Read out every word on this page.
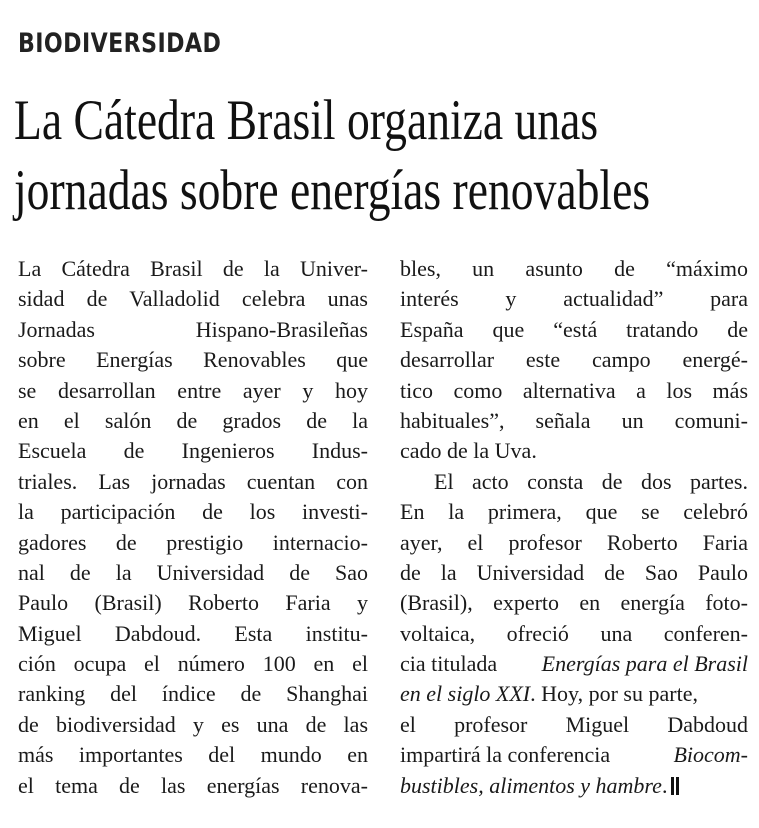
BIODIVERSIDAD
La Cátedra Brasil organiza unas
jornadas sobre energías renovables
La Cátedra Brasil de la Univer-
sidad de Valladolid celebra unas
Jornadas Hispano-Brasileñas
sobre Energías Renovables que
se desarrollan entre ayer y hoy
en el salón de grados de la
Escuela de Ingenieros Indus-
triales. Las jornadas cuentan con
la participación de los investi-
gadores de prestigio internacio-
nal de la Universidad de Sao
Paulo (Brasil) Roberto Faria y
Miguel Dabdoud. Esta institu-
ción ocupa el número 100 en el
ranking del índice de Shanghai
de biodiversidad y es una de las
más importantes del mundo en
el tema de las energías renova-
bles, un asunto de “máximo
interés y actualidad” para
España que “está tratando de
desarrollar este campo energé-
tico como alternativa a los más
habituales”, señala un comuni-
cado de la Uva.
El acto consta de dos partes.
En la primera, que se celebró
ayer, el profesor Roberto Faria
de la Universidad de Sao Paulo
(Brasil), experto en energía foto-
voltaica, ofreció una conferen-
cia titulada Energías para el Brasil
en el siglo XXI. Hoy, por su parte,
el profesor Miguel Dabdoud
impartirá la conferencia	Biocom-
bustibles, alimentos y hambre.
